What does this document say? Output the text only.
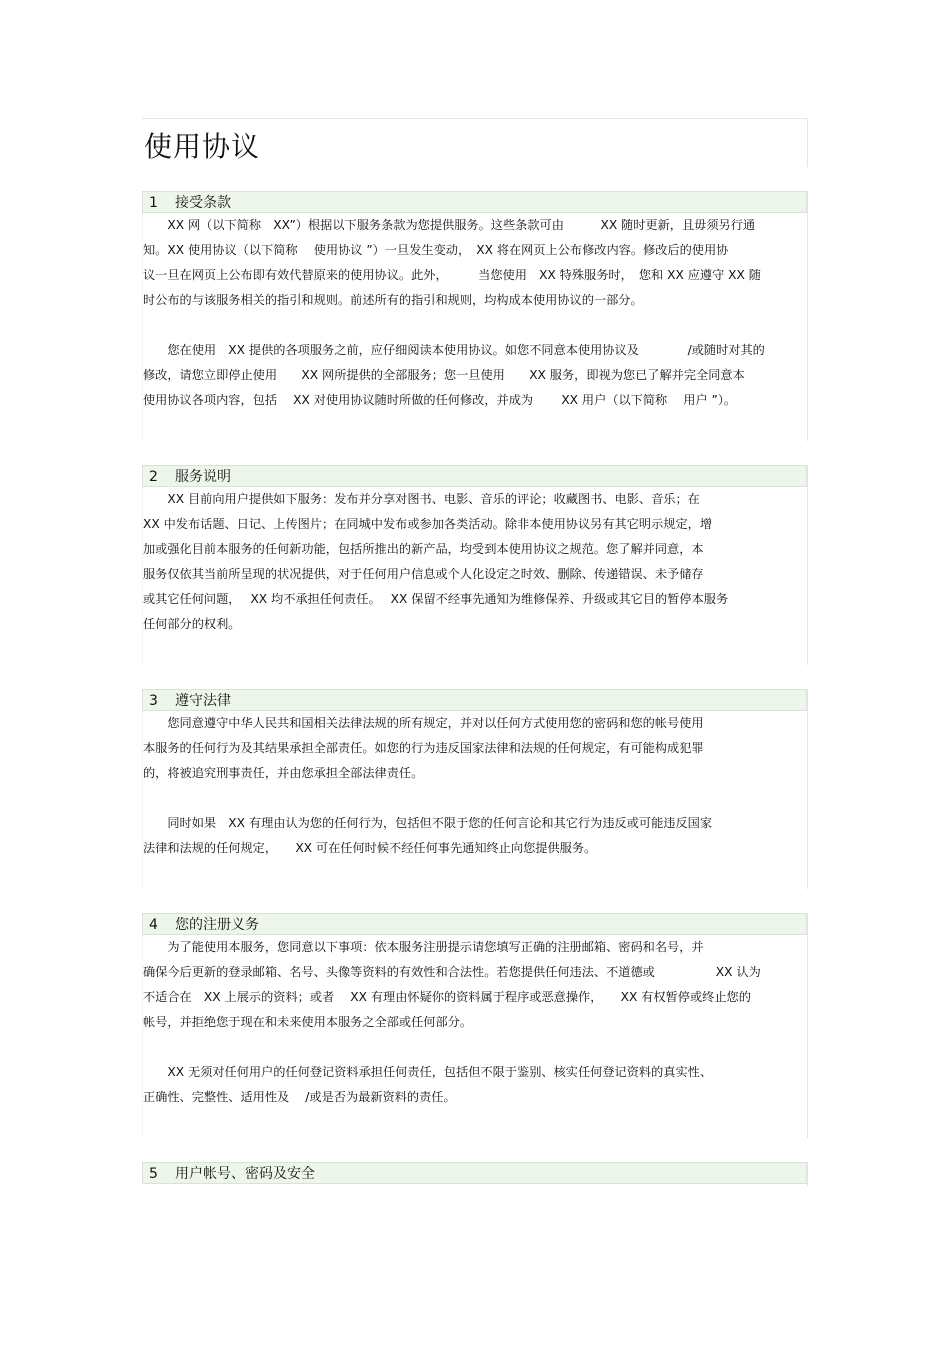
使用协议
1 接受条款

　　XX 网（以下简称　XX”）根据以下服务条款为您提供服务。这些条款可由　　　XX 随时更新，且毋须另行通
知。XX 使用协议（以下简称　 使用协议 ”）一旦发生变动，　XX 将在网页上公布修改内容。修改后的使用协
议一旦在网页上公布即有效代替原来的使用协议。此外，　　　当您使用　XX 特殊服务时，　您和 XX 应遵守 XX 随
时公布的与该服务相关的指引和规则。前述所有的指引和规则，均构成本使用协议的一部分。

　　您在使用　XX 提供的各项服务之前，应仔细阅读本使用协议。如您不同意本使用协议及　　　　/或随时对其的
修改，请您立即停止使用　　XX 网所提供的全部服务；您一旦使用　　XX 服务，即视为您已了解并完全同意本
使用协议各项内容，包括　 XX 对使用协议随时所做的任何修改，并成为　　 XX 用户（以下简称　 用户 ”）。

2 服务说明

　　XX 目前向用户提供如下服务：发布并分享对图书、电影、音乐的评论；收藏图书、电影、音乐；在
XX 中发布话题、日记、上传图片；在同城中发布或参加各类活动。除非本使用协议另有其它明示规定，增
加或强化目前本服务的任何新功能，包括所推出的新产品，均受到本使用协议之规范。您了解并同意，本
服务仅依其当前所呈现的状况提供，对于任何用户信息或个人化设定之时效、删除、传递错误、未予储存
或其它任何问题，　 XX 均不承担任何责任。　 XX 保留不经事先通知为维修保养、升级或其它目的暂停本服务
任何部分的权利。

3 遵守法律

　　您同意遵守中华人民共和国相关法律法规的所有规定，并对以任何方式使用您的密码和您的帐号使用
本服务的任何行为及其结果承担全部责任。如您的行为违反国家法律和法规的任何规定，有可能构成犯罪
的，将被追究刑事责任，并由您承担全部法律责任。

　　同时如果　XX 有理由认为您的任何行为，包括但不限于您的任何言论和其它行为违反或可能违反国家
法律和法规的任何规定，　　XX 可在任何时候不经任何事先通知终止向您提供服务。

4 您的注册义务

　　为了能使用本服务，您同意以下事项：依本服务注册提示请您填写正确的注册邮箱、密码和名号，并
确保今后更新的登录邮箱、名号、头像等资料的有效性和合法性。若您提供任何违法、不道德或　　　　　XX 认为
不适合在　XX 上展示的资料；或者　 XX 有理由怀疑你的资料属于程序或恶意操作，　　XX 有权暂停或终止您的
帐号，并拒绝您于现在和未来使用本服务之全部或任何部分。

　　XX 无须对任何用户的任何登记资料承担任何责任，包括但不限于鉴别、核实任何登记资料的真实性、
正确性、完整性、适用性及　 /或是否为最新资料的责任。

5 用户帐号、密码及安全
